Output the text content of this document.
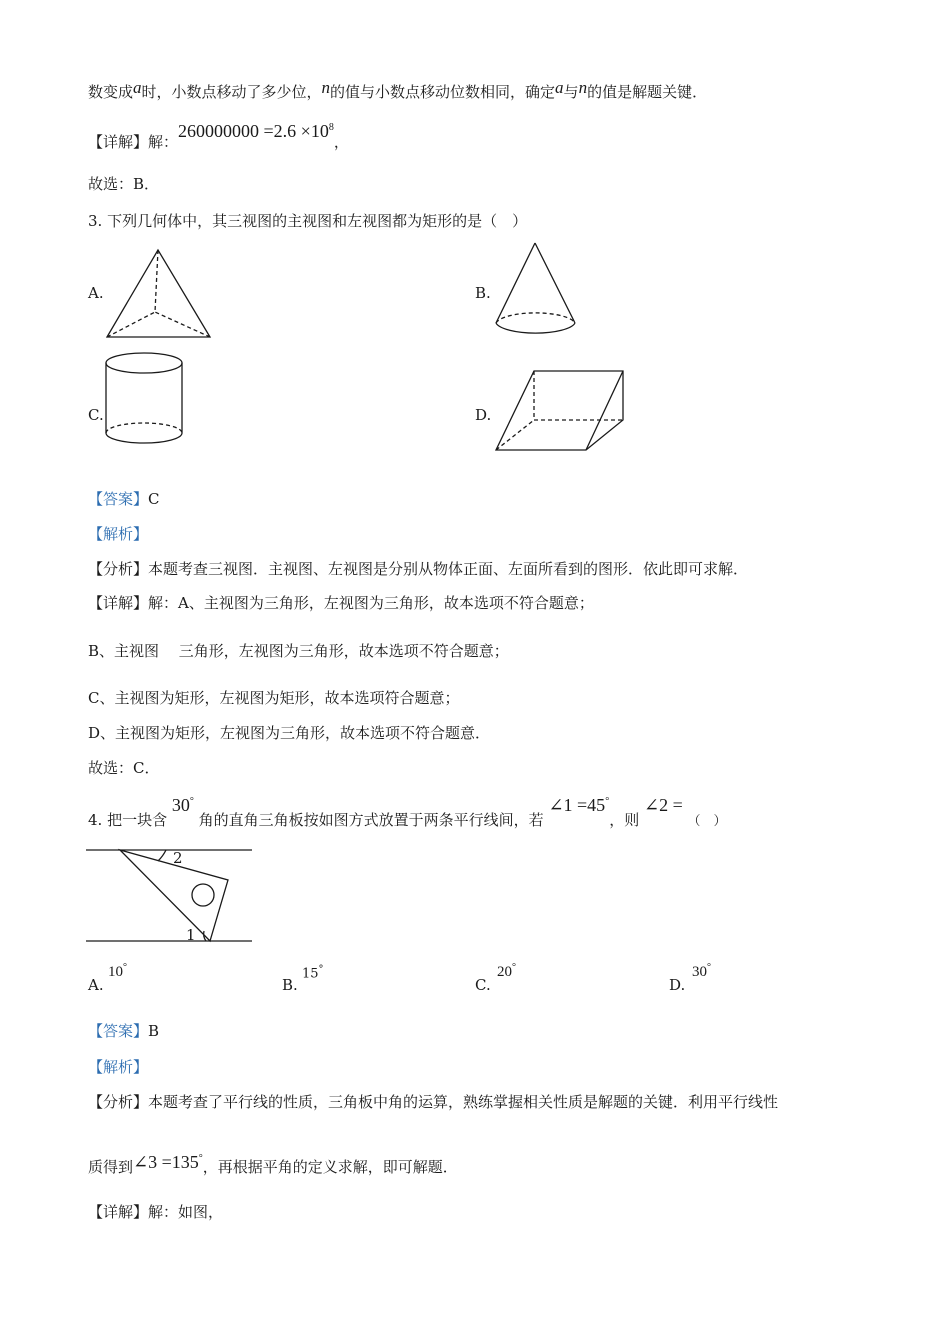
数变成a时，小数点移动了多少位，n的值与小数点移动位数相同，确定a与n的值是解题关键．
【详解】解：$260000000 =2.6 \times 10^8$，
故选：B．
3. 下列几何体中，其三视图的主视图和左视图都为矩形的是（　）
A.	B.
C.	D.
【答案】C
【解析】
【分析】本题考查三视图．主视图、左视图是分别从物体正面、左面所看到的图形．依此即可求解．
【详解】解：A、主视图为三角形，左视图为三角形，故本选项不符合题意；
B、主视图　 三角形，左视图为三角形，故本选项不符合题意；
C、主视图为矩形，左视图为矩形，故本选项符合题意；
D、主视图为矩形，左视图为三角形，故本选项不符合题意．
故选：C．
4. 把一块含 30° 角的直角三角板按如图方式放置于两条平行线间，若 ∠1 =45°，则 ∠2 = （　）
2
1
A.
10°
B.
15°
C.
20°
D.
30°
【答案】B
【解析】
【分析】本题考查了平行线的性质，三角板中角的运算，熟练掌握相关性质是解题的关键．利用平行线性
质得到∠3 =135°，再根据平角的定义求解，即可解题．
【详解】解：如图，
